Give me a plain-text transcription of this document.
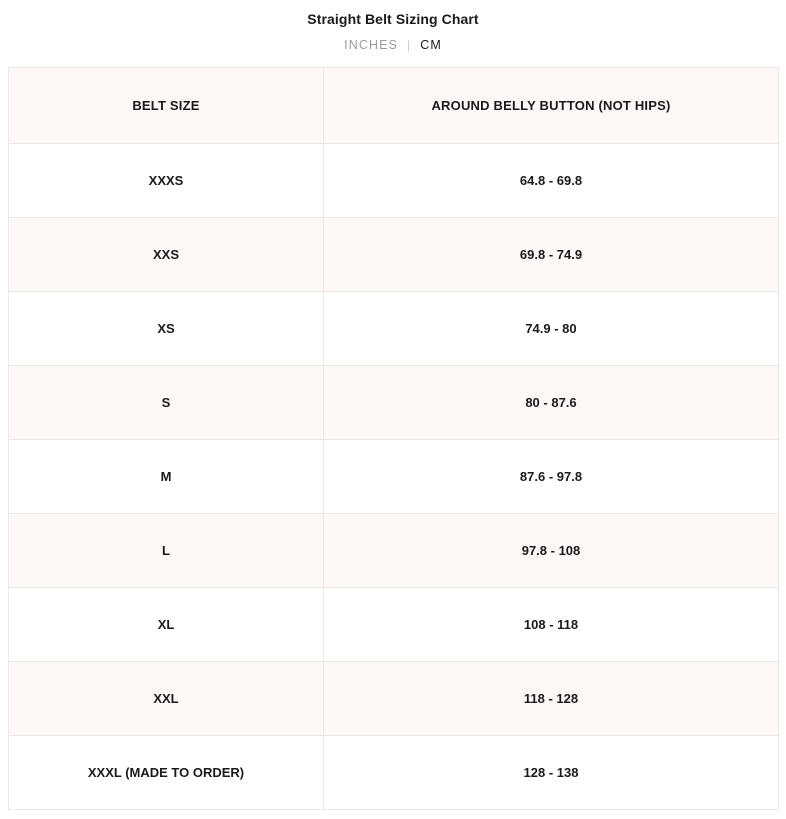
Straight Belt Sizing Chart
INCHES | CM
BELT SIZE	AROUND BELLY BUTTON (NOT HIPS)
XXXS	64.8 - 69.8
XXS	69.8 - 74.9
XS	74.9 - 80
S	80 - 87.6
M	87.6 - 97.8
L	97.8 - 108
XL	108 - 118
XXL	118 - 128
XXXL (MADE TO ORDER)	128 - 138
